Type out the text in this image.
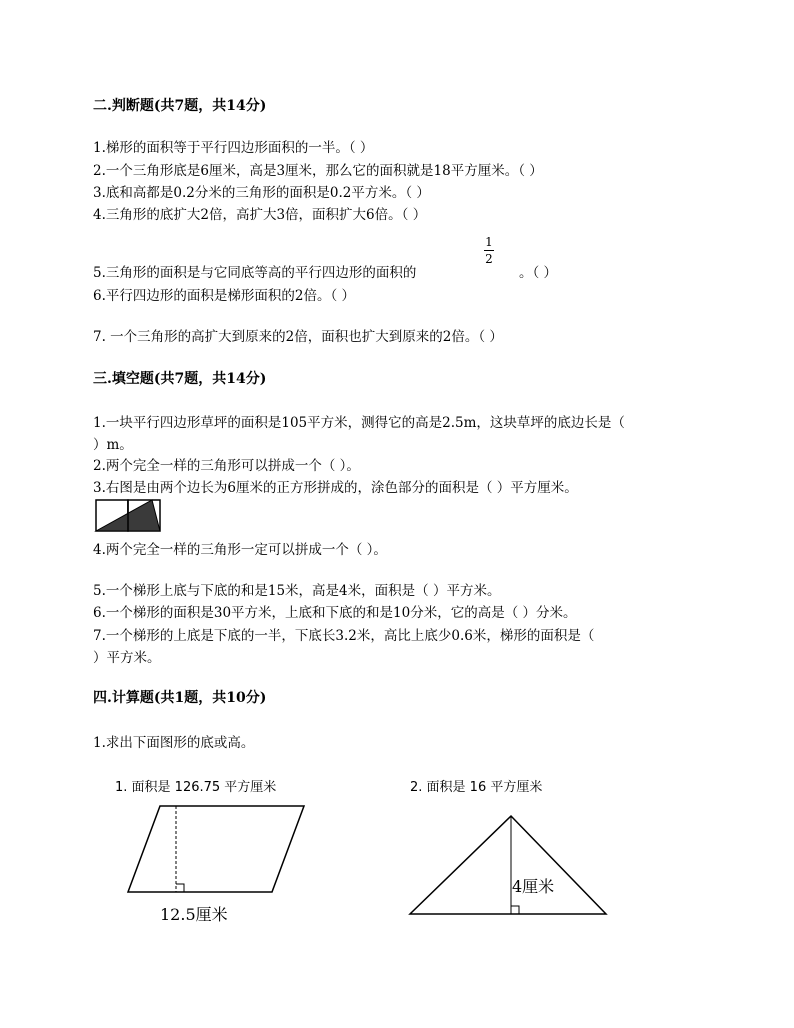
二.判断题(共7题，共14分)
1.梯形的面积等于平行四边形面积的一半。（ ）
2.一个三角形底是6厘米，高是3厘米，那么它的面积就是18平方厘米。（ ）
3.底和高都是0.2分米的三角形的面积是0.2平方米。（ ）
4.三角形的底扩大2倍，高扩大3倍，面积扩大6倍。（ ）
5.三角形的面积是与它同底等高的平行四边形的面积的
1
2
。（ ）
6.平行四边形的面积是梯形面积的2倍。（ ）
7. 一个三角形的高扩大到原来的2倍，面积也扩大到原来的2倍。（ ）
三.填空题(共7题，共14分)
1.一块平行四边形草坪的面积是105平方米，测得它的高是2.5m，这块草坪的底边长是（
）m。
2.两个完全一样的三角形可以拼成一个（ ）。
3.右图是由两个边长为6厘米的正方形拼成的，涂色部分的面积是（ ）平方厘米。
4.两个完全一样的三角形一定可以拼成一个（ ）。
5.一个梯形上底与下底的和是15米，高是4米，面积是（ ）平方米。
6.一个梯形的面积是30平方米，上底和下底的和是10分米，它的高是（ ）分米。
7.一个梯形的上底是下底的一半，下底长3.2米，高比上底少0.6米，梯形的面积是（
）平方米。
四.计算题(共1题，共10分)
1.求出下面图形的底或高。
1. 面积是 126.75 平方厘米
12.5厘米
2. 面积是 16 平方厘米
4厘米
